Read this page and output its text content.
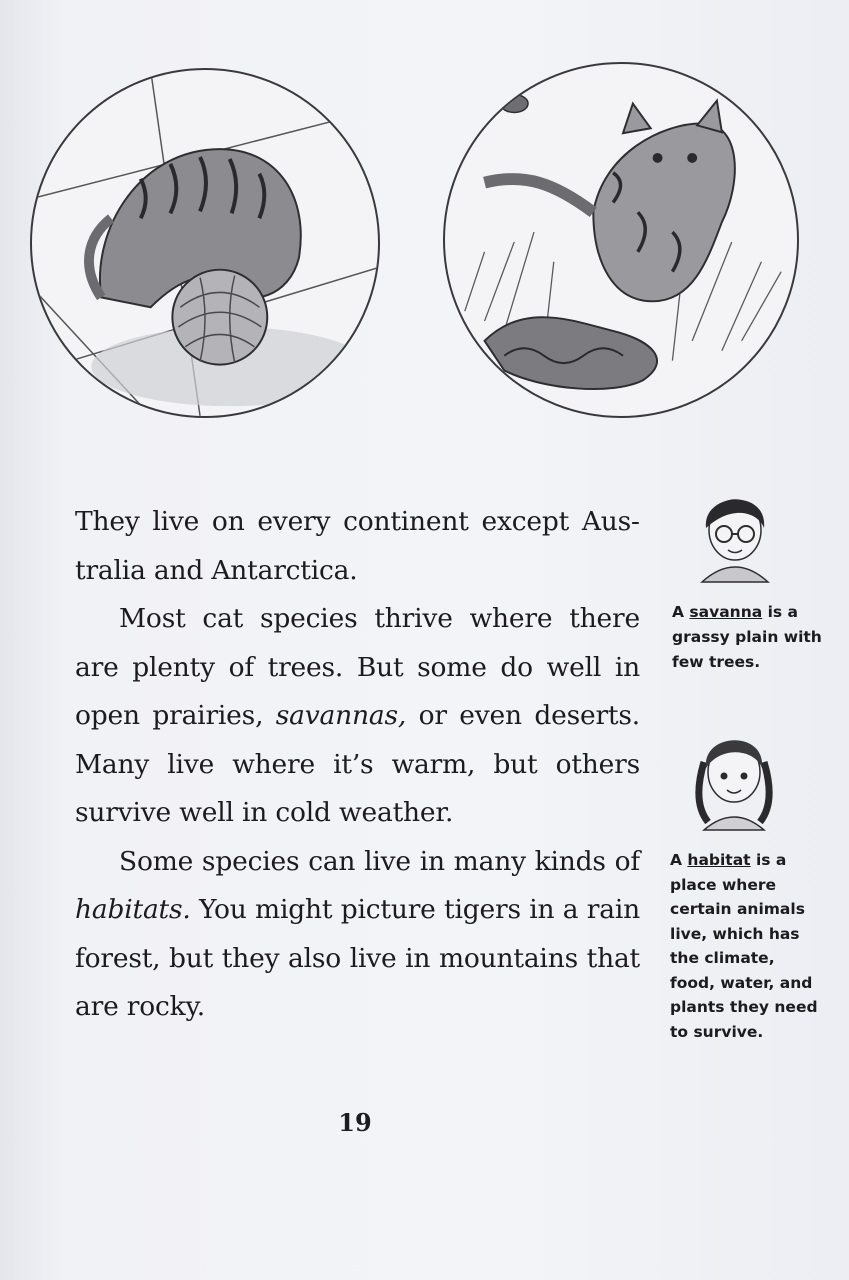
They live on every continent except Australia and Antarctica.

Most cat species thrive where there are plenty of trees. But some do well in open prairies, savannas, or even deserts. Many live where it’s warm, but others survive well in cold weather.

Some species can live in many kinds of habitats. You might picture tigers in a rain forest, but they also live in mountains that are rocky.

A savanna is a grassy plain with few trees.
A habitat is a place where certain animals live, which has the climate, food, water, and plants they need to survive.
19
